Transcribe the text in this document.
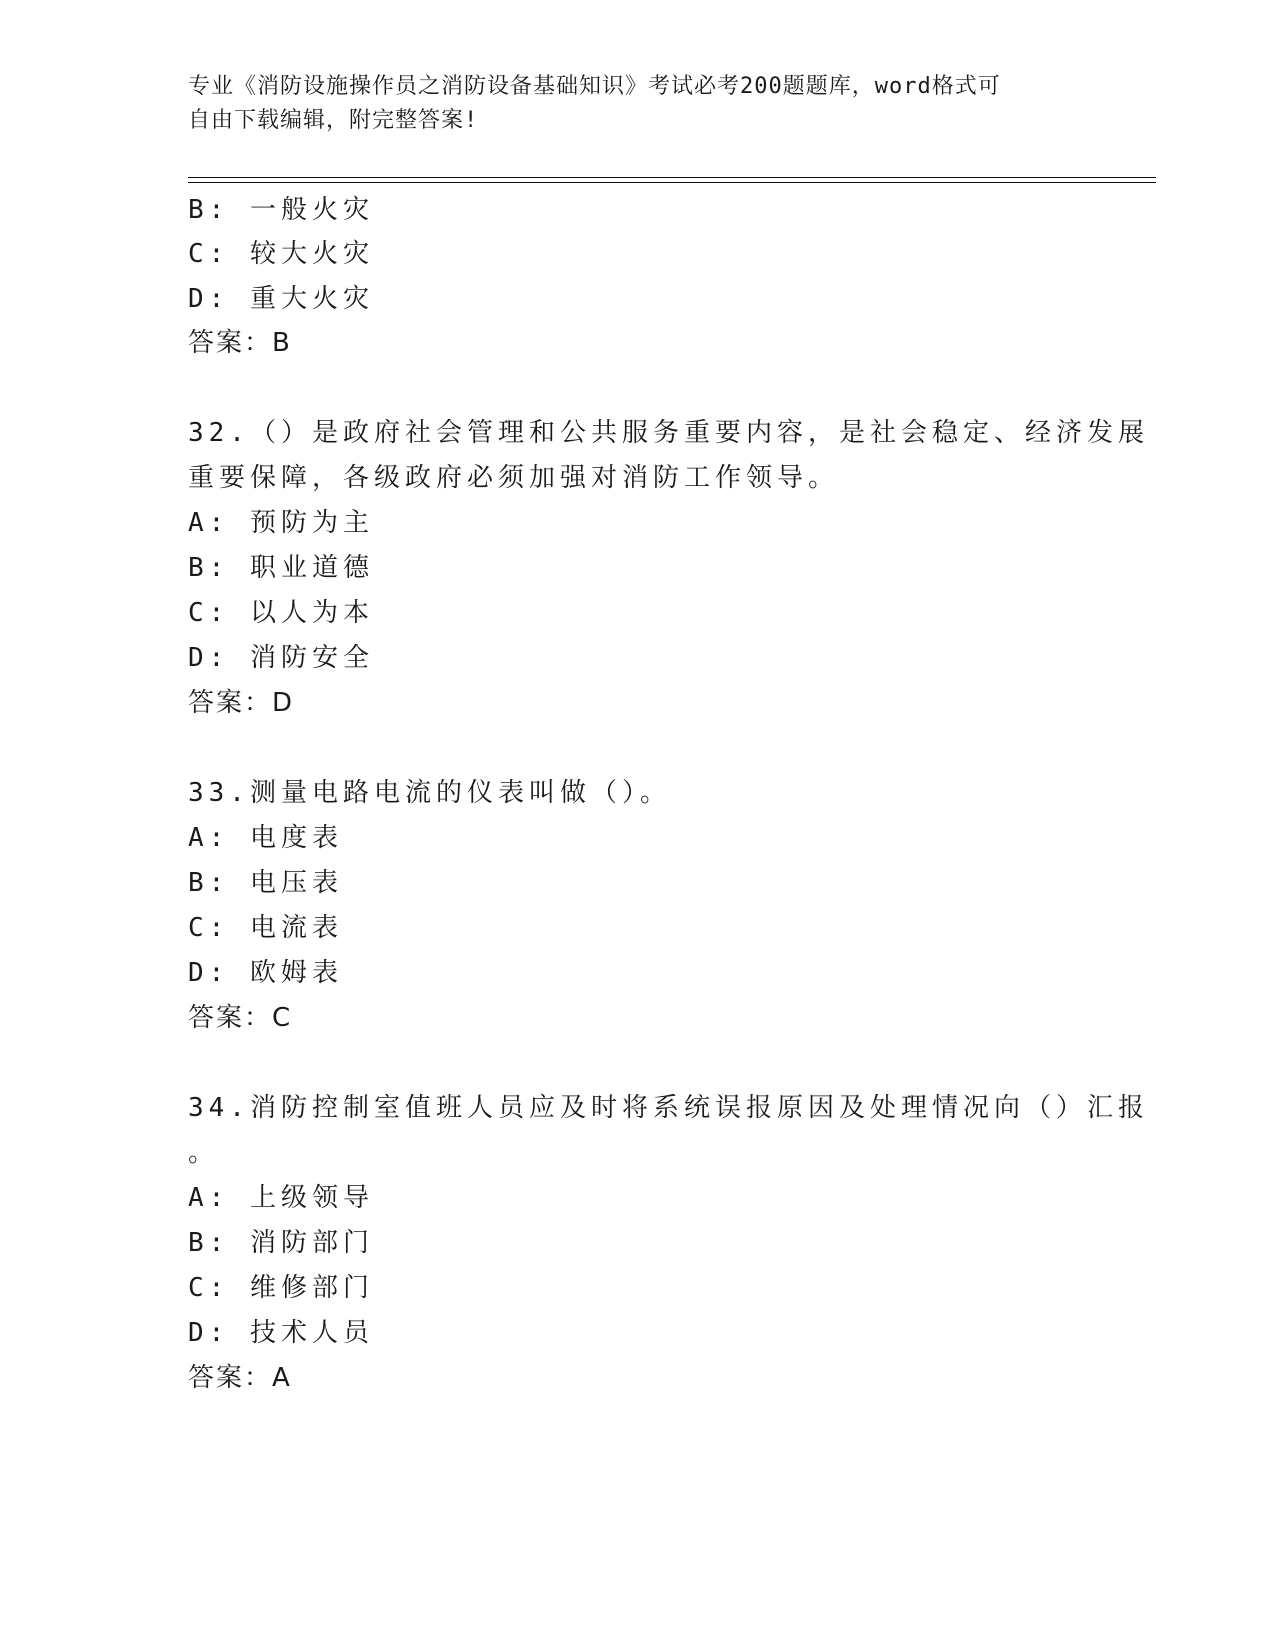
专业《消防设施操作员之消防设备基础知识》考试必考200题题库，word格式可
自由下载编辑，附完整答案!
B: 一般火灾
C: 较大火灾
D: 重大火灾
答案：B
32.（）是政府社会管理和公共服务重要内容，是社会稳定、经济发展
重要保障，各级政府必须加强对消防工作领导。
A: 预防为主
B: 职业道德
C: 以人为本
D: 消防安全
答案：D
33.测量电路电流的仪表叫做（）。
A: 电度表
B: 电压表
C: 电流表
D: 欧姆表
答案：C
34.消防控制室值班人员应及时将系统误报原因及处理情况向（）汇报
。
A: 上级领导
B: 消防部门
C: 维修部门
D: 技术人员
答案：A
